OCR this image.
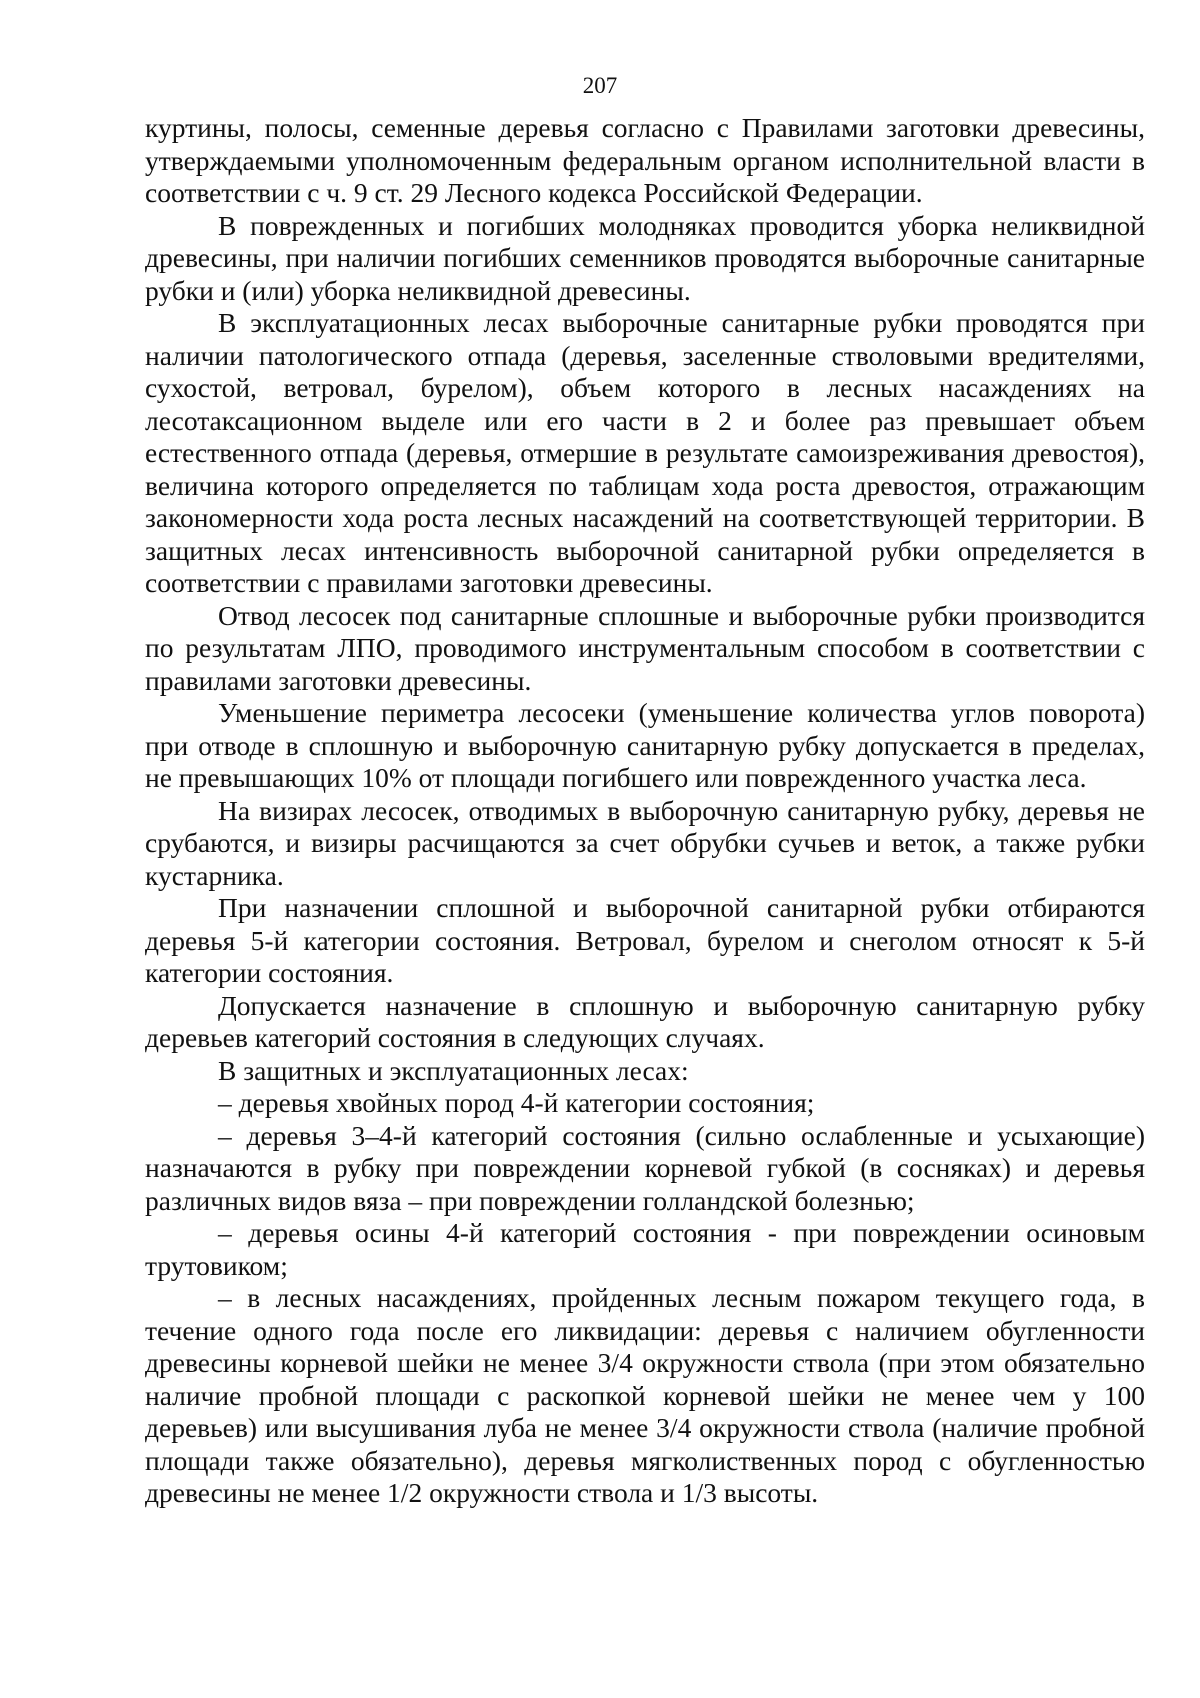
207

куртины, полосы, семенные деревья согласно с Правилами заготовки древесины, утверждаемыми уполномоченным федеральным органом исполнительной власти в соответствии с ч. 9 ст. 29 Лесного кодекса Российской Федерации.

В поврежденных и погибших молодняках проводится уборка неликвидной древесины, при наличии погибших семенников проводятся выборочные санитарные рубки и (или) уборка неликвидной древесины.

В эксплуатационных лесах выборочные санитарные рубки проводятся при наличии патологического отпада (деревья, заселенные стволовыми вредителями, сухостой, ветровал, бурелом), объем которого в лесных насаждениях на лесотаксационном выделе или его части в 2 и более раз превышает объем естественного отпада (деревья, отмершие в результате самоизреживания древостоя), величина которого определяется по таблицам хода роста древостоя, отражающим закономерности хода роста лесных насаждений на соответствующей территории. В защитных лесах интенсивность выборочной санитарной рубки определяется в соответствии с правилами заготовки древесины.

Отвод лесосек под санитарные сплошные и выборочные рубки производится по результатам ЛПО, проводимого инструментальным способом в соответствии с правилами заготовки древесины.

Уменьшение периметра лесосеки (уменьшение количества углов поворота) при отводе в сплошную и выборочную санитарную рубку допускается в пределах, не превышающих 10% от площади погибшего или поврежденного участка леса.

На визирах лесосек, отводимых в выборочную санитарную рубку, деревья не срубаются, и визиры расчищаются за счет обрубки сучьев и веток, а также рубки кустарника.

При назначении сплошной и выборочной санитарной рубки отбираются деревья 5-й категории состояния. Ветровал, бурелом и снеголом относят к 5-й категории состояния.

Допускается назначение в сплошную и выборочную санитарную рубку деревьев категорий состояния в следующих случаях.

В защитных и эксплуатационных лесах:

– деревья хвойных пород 4-й категории состояния;

– деревья 3–4-й категорий состояния (сильно ослабленные и усыхающие) назначаются в рубку при повреждении корневой губкой (в сосняках) и деревья различных видов вяза – при повреждении голландской болезнью;

– деревья осины 4-й категорий состояния - при повреждении осиновым трутовиком;

– в лесных насаждениях, пройденных лесным пожаром текущего года, в течение одного года после его ликвидации: деревья с наличием обугленности древесины корневой шейки не менее 3/4 окружности ствола (при этом обязательно наличие пробной площади с раскопкой корневой шейки не менее чем у 100 деревьев) или высушивания луба не менее 3/4 окружности ствола (наличие пробной площади также обязательно), деревья мягколиственных пород с обугленностью древесины не менее 1/2 окружности ствола и 1/3 высоты.
